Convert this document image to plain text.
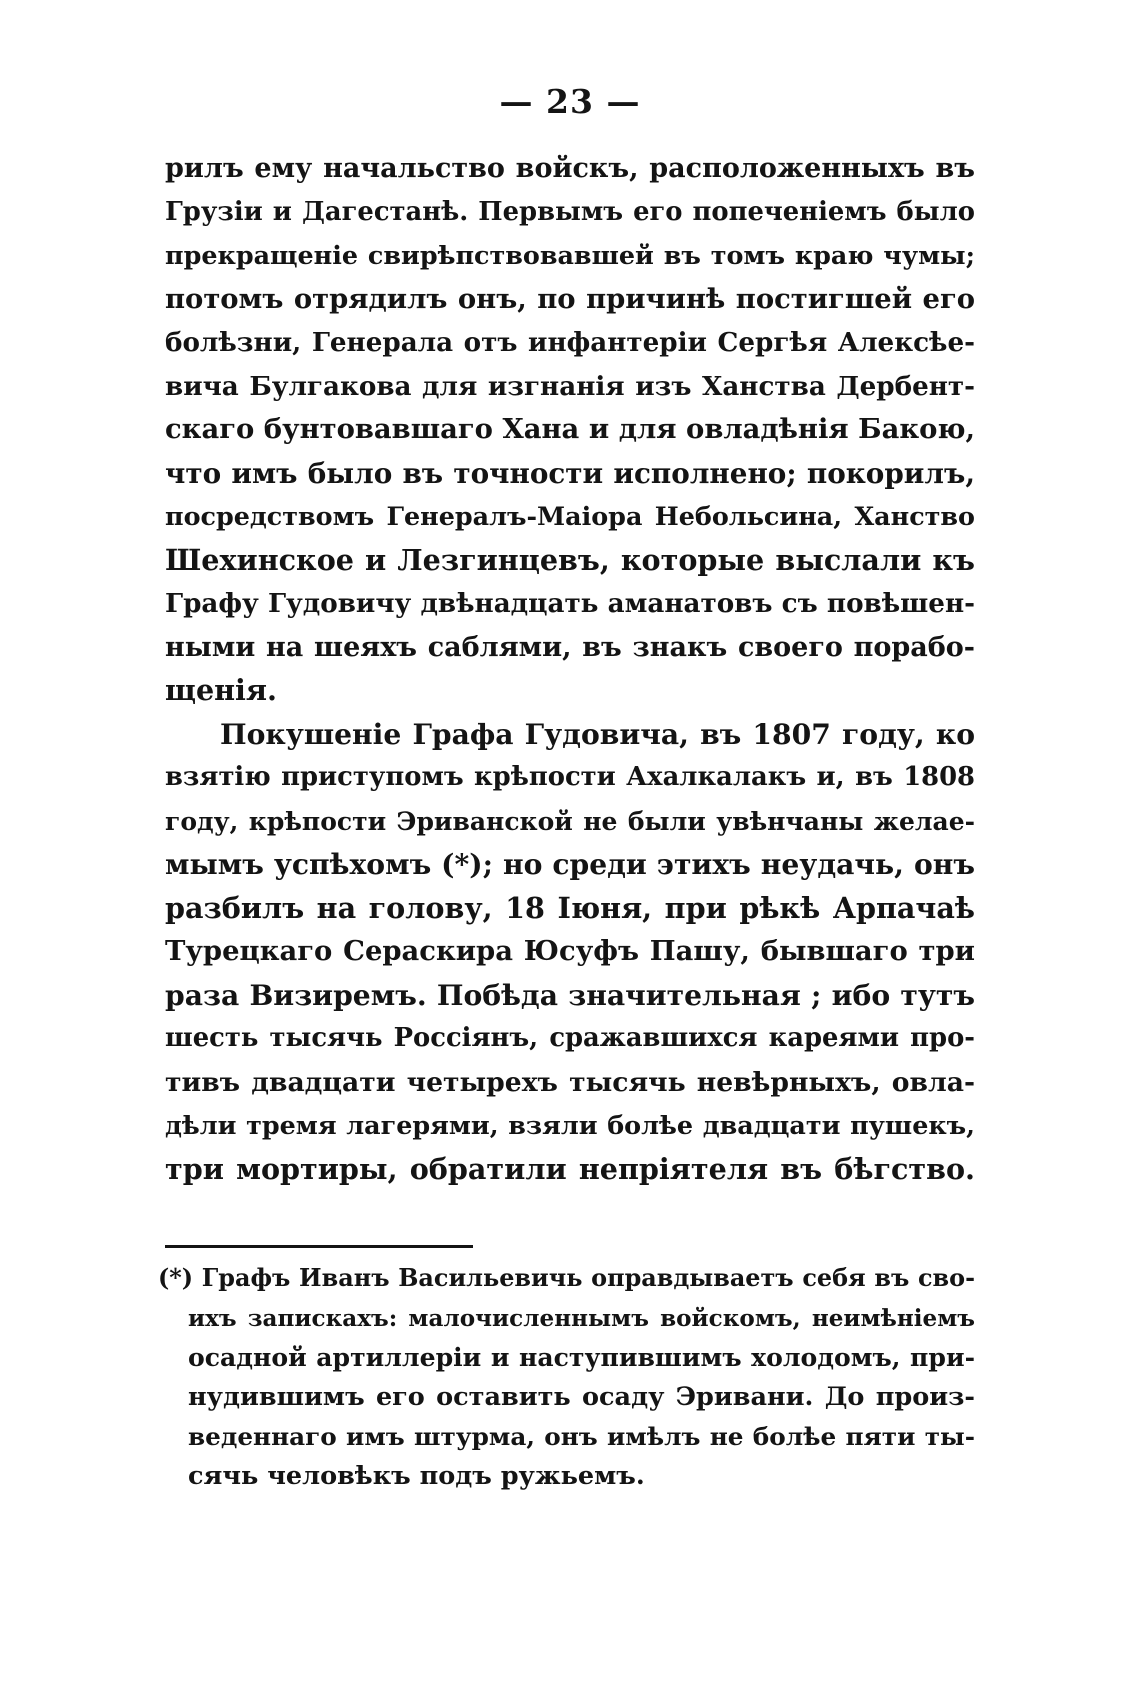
— 23 —
рилъ ему начальство войскъ, расположенныхъ въ
Грузіи и Дагестанѣ. Первымъ его попеченіемъ было
прекращеніе свирѣпствовавшей въ томъ краю чумы;
потомъ отрядилъ онъ, по причинѣ постигшей его
болѣзни, Генерала отъ инфантеріи Сергѣя Алексѣе-
вича Булгакова для изгнанія изъ Ханства Дербент-
скаго бунтовавшаго Хана и для овладѣнія Бакою,
что имъ было въ точности исполнено; покорилъ,
посредствомъ Генералъ-Маіора Небольсина, Ханство
Шехинское и Лезгинцевъ, которые выслали къ
Графу Гудовичу двѣнадцать аманатовъ съ повѣшен-
ными на шеяхъ саблями, въ знакъ своего порабо-
щенія.
Покушеніе Графа Гудовича, въ 1807 году, ко
взятію приступомъ крѣпости Ахалкалакъ и, въ 1808
году, крѣпости Эриванской не были увѣнчаны желае-
мымъ успѣхомъ (*); но среди этихъ неудачь, онъ
разбилъ на голову, 18 Іюня, при рѣкѣ Арпачаѣ
Турецкаго Сераскира Юсуфъ Пашу, бывшаго три
раза Визиремъ. Побѣда значительная ; ибо тутъ
шесть тысячь Россіянъ, сражавшихся кареями про-
тивъ двадцати четырехъ тысячь невѣрныхъ, овла-
дѣли тремя лагерями, взяли болѣе двадцати пушекъ,
три мортиры, обратили непріятеля въ бѣгство.
(*) Графъ Иванъ Васильевичь оправдываетъ себя въ сво-
ихъ запискахъ: малочисленнымъ войскомъ, неимѣніемъ
осадной артиллеріи и наступившимъ холодомъ, при-
нудившимъ его оставить осаду Эривани. До произ-
веденнаго имъ штурма, онъ имѣлъ не болѣе пяти ты-
сячь человѣкъ подъ ружьемъ.
